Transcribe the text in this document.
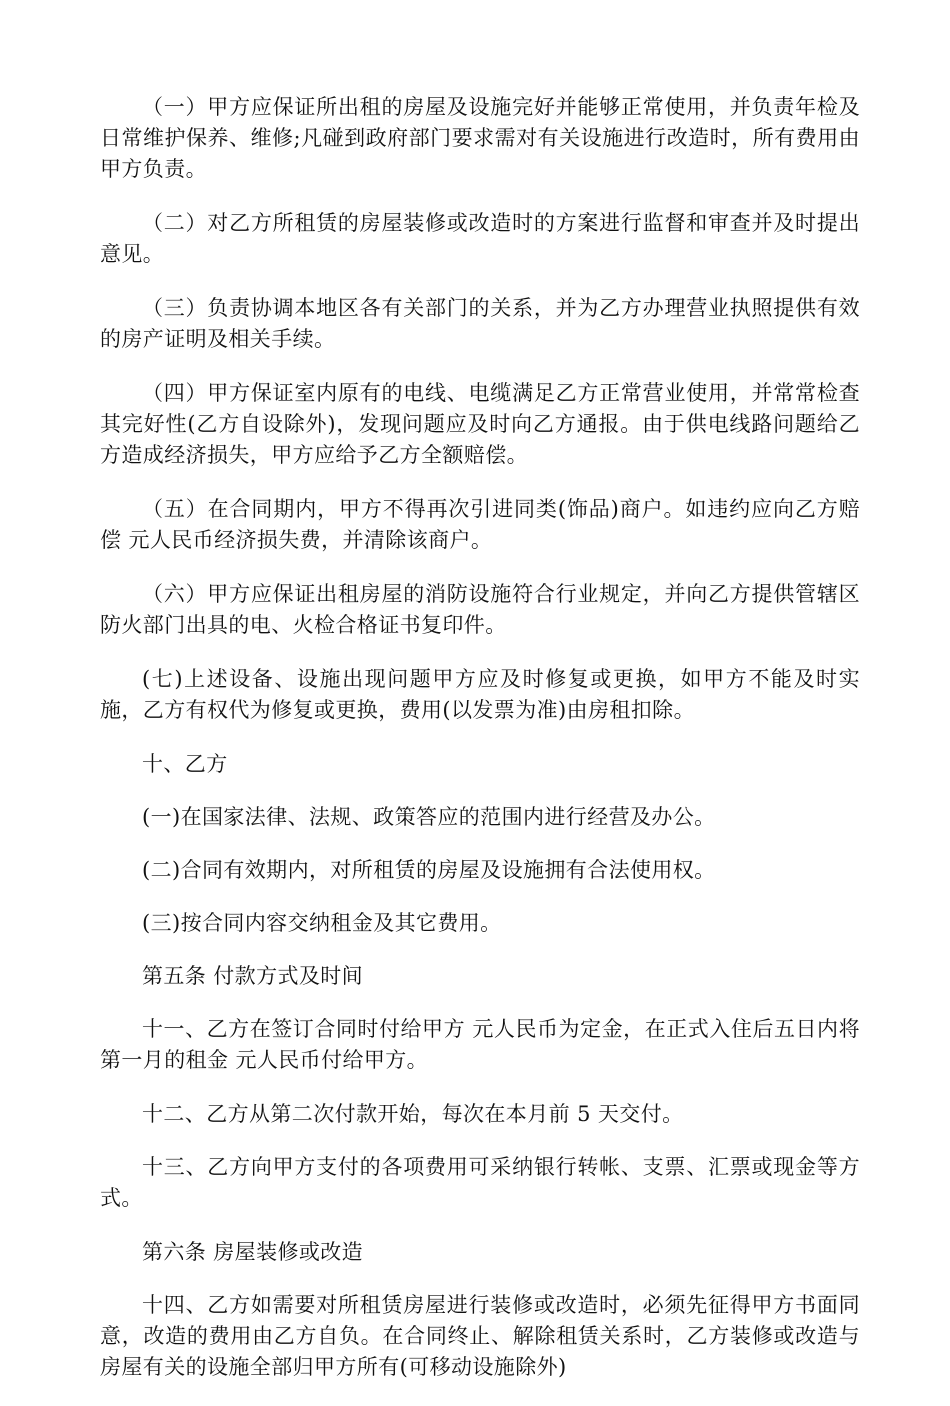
（一）甲方应保证所出租的房屋及设施完好并能够正常使用，并负责年检及日常维护保养、维修;凡碰到政府部门要求需对有关设施进行改造时，所有费用由甲方负责。

（二）对乙方所租赁的房屋装修或改造时的方案进行监督和审查并及时提出意见。

（三）负责协调本地区各有关部门的关系，并为乙方办理营业执照提供有效的房产证明及相关手续。

（四）甲方保证室内原有的电线、电缆满足乙方正常营业使用，并常常检查其完好性(乙方自设除外)，发现问题应及时向乙方通报。由于供电线路问题给乙方造成经济损失，甲方应给予乙方全额赔偿。

（五）在合同期内，甲方不得再次引进同类(饰品)商户。如违约应向乙方赔偿 元人民币经济损失费，并清除该商户。

（六）甲方应保证出租房屋的消防设施符合行业规定，并向乙方提供管辖区防火部门出具的电、火检合格证书复印件。

(七)上述设备、设施出现问题甲方应及时修复或更换，如甲方不能及时实施，乙方有权代为修复或更换，费用(以发票为准)由房租扣除。

十、乙方

(一)在国家法律、法规、政策答应的范围内进行经营及办公。

(二)合同有效期内，对所租赁的房屋及设施拥有合法使用权。

(三)按合同内容交纳租金及其它费用。

第五条 付款方式及时间

十一、乙方在签订合同时付给甲方 元人民币为定金，在正式入住后五日内将第一月的租金 元人民币付给甲方。

十二、乙方从第二次付款开始，每次在本月前 5 天交付。

十三、乙方向甲方支付的各项费用可采纳银行转帐、支票、汇票或现金等方式。

第六条 房屋装修或改造

十四、乙方如需要对所租赁房屋进行装修或改造时，必须先征得甲方书面同意，改造的费用由乙方自负。在合同终止、解除租赁关系时，乙方装修或改造与房屋有关的设施全部归甲方所有(可移动设施除外)
